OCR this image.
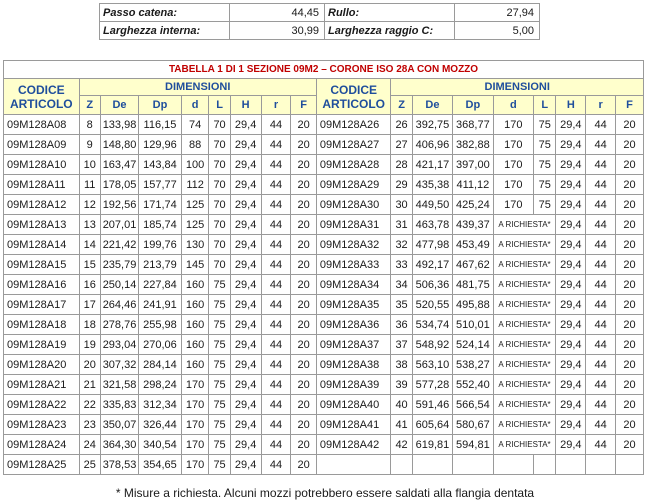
Passo catena:	44,45	Rullo:	27,94
Larghezza interna:	30,99	Larghezza raggio C:	5,00
TABELLA 1 DI 1 SEZIONE 09M2 – CORONE ISO 28A CON MOZZO																	
CODICE ARTICOLO	DIMENSIONI								CODICE ARTICOLO	DIMENSIONI							
	Z	De	Dp	d	L	H	r	F		Z	De	Dp	d	L	H	r	F
09M128A08	8	133,98	116,15	74	70	29,4	44	20	09M128A26	26	392,75	368,77	170	75	29,4	44	20
09M128A09	9	148,80	129,96	88	70	29,4	44	20	09M128A27	27	406,96	382,88	170	75	29,4	44	20
09M128A10	10	163,47	143,84	100	70	29,4	44	20	09M128A28	28	421,17	397,00	170	75	29,4	44	20
09M128A11	11	178,05	157,77	112	70	29,4	44	20	09M128A29	29	435,38	411,12	170	75	29,4	44	20
09M128A12	12	192,56	171,74	125	70	29,4	44	20	09M128A30	30	449,50	425,24	170	75	29,4	44	20
09M128A13	13	207,01	185,74	125	70	29,4	44	20	09M128A31	31	463,78	439,37	A RICHIESTA*		29,4	44	20
09M128A14	14	221,42	199,76	130	70	29,4	44	20	09M128A32	32	477,98	453,49	A RICHIESTA*		29,4	44	20
09M128A15	15	235,79	213,79	145	70	29,4	44	20	09M128A33	33	492,17	467,62	A RICHIESTA*		29,4	44	20
09M128A16	16	250,14	227,84	160	75	29,4	44	20	09M128A34	34	506,36	481,75	A RICHIESTA*		29,4	44	20
09M128A17	17	264,46	241,91	160	75	29,4	44	20	09M128A35	35	520,55	495,88	A RICHIESTA*		29,4	44	20
09M128A18	18	278,76	255,98	160	75	29,4	44	20	09M128A36	36	534,74	510,01	A RICHIESTA*		29,4	44	20
09M128A19	19	293,04	270,06	160	75	29,4	44	20	09M128A37	37	548,92	524,14	A RICHIESTA*		29,4	44	20
09M128A20	20	307,32	284,14	160	75	29,4	44	20	09M128A38	38	563,10	538,27	A RICHIESTA*		29,4	44	20
09M128A21	21	321,58	298,24	170	75	29,4	44	20	09M128A39	39	577,28	552,40	A RICHIESTA*		29,4	44	20
09M128A22	22	335,83	312,34	170	75	29,4	44	20	09M128A40	40	591,46	566,54	A RICHIESTA*		29,4	44	20
09M128A23	23	350,07	326,44	170	75	29,4	44	20	09M128A41	41	605,64	580,67	A RICHIESTA*		29,4	44	20
09M128A24	24	364,30	340,54	170	75	29,4	44	20	09M128A42	42	619,81	594,81	A RICHIESTA*		29,4	44	20
09M128A25	25	378,53	354,65	170	75	29,4	44	20									
* Misure a richiesta. Alcuni mozzi potrebbero essere saldati alla flangia dentata
